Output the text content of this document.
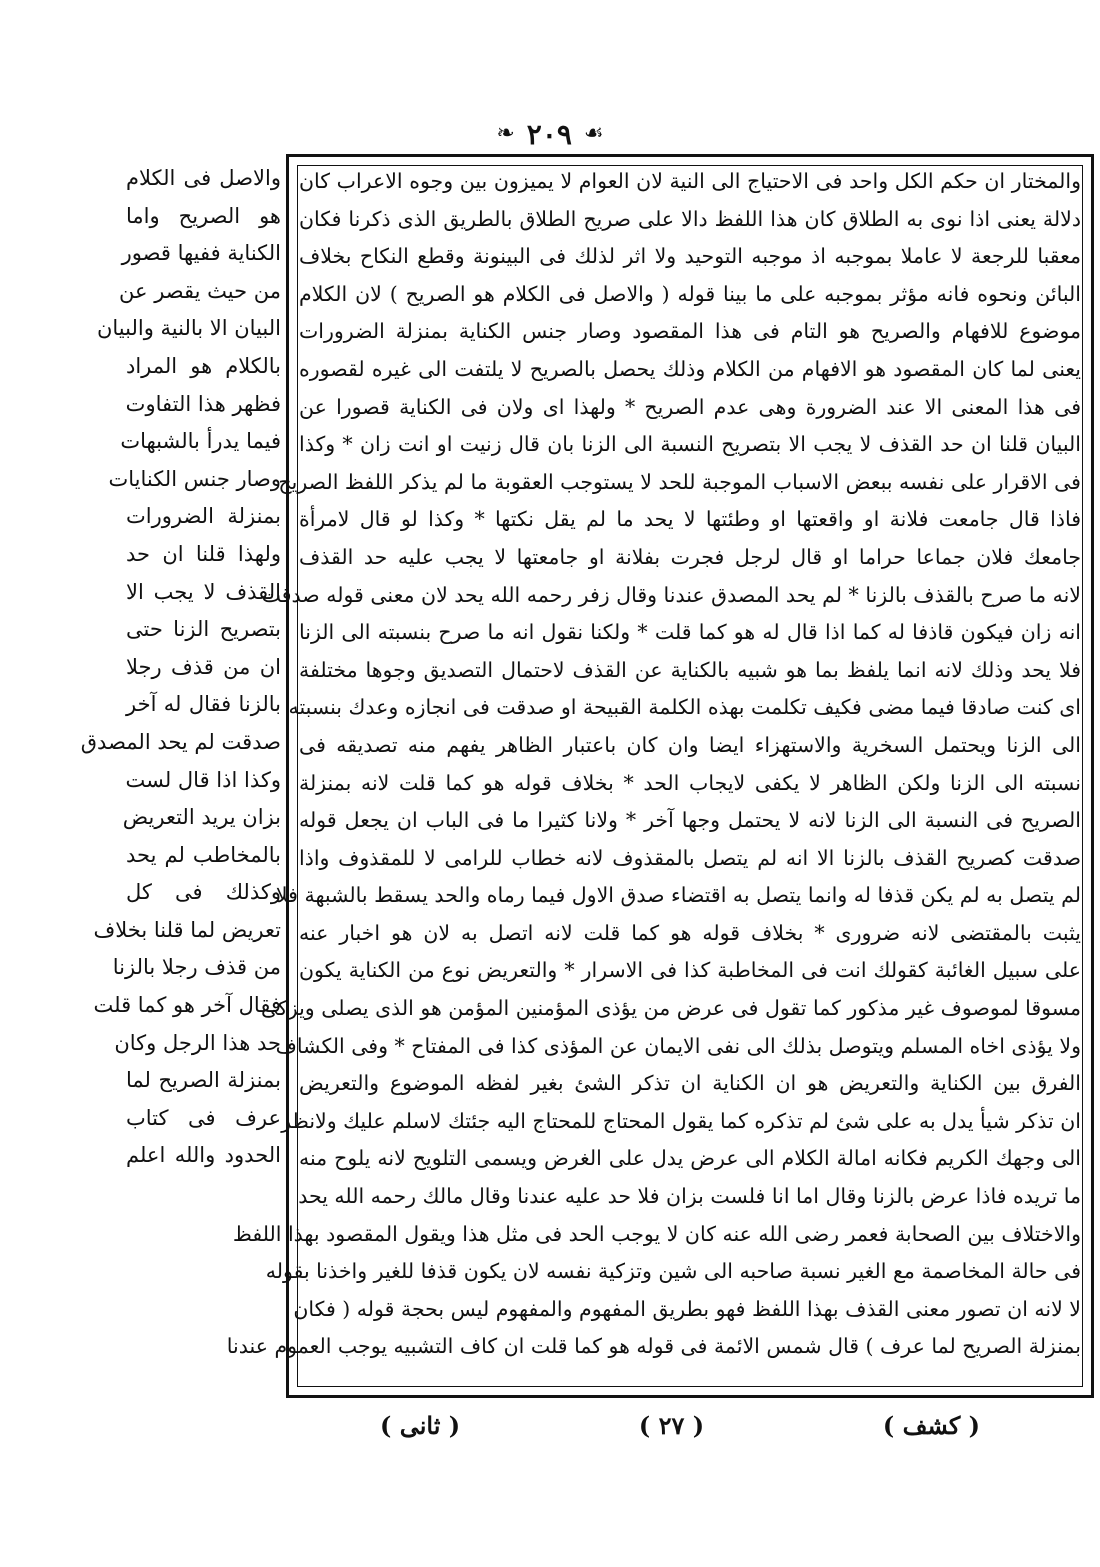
❧ ٢٠٩ ☙
والمختار ان حكم الكل واحد فى الاحتياج الى النية لان العوام لا يميزون بين وجوه الاعراب كان
دلالة يعنى اذا نوى به الطلاق كان هذا اللفظ دالا على صريح الطلاق بالطريق الذى ذكرنا فكان
معقبا للرجعة لا عاملا بموجبه اذ موجبه التوحيد ولا اثر لذلك فى البينونة وقطع النكاح بخلاف
البائن ونحوه فانه مؤثر بموجبه على ما بينا قوله ( والاصل فى الكلام هو الصريح ) لان الكلام
موضوع للافهام والصريح هو التام فى هذا المقصود وصار جنس الكناية بمنزلة الضرورات
يعنى لما كان المقصود هو الافهام من الكلام وذلك يحصل بالصريح لا يلتفت الى غيره لقصوره
فى هذا المعنى الا عند الضرورة وهى عدم الصريح * ولهذا اى ولان فى الكناية قصورا عن
البيان قلنا ان حد القذف لا يجب الا بتصريح النسبة الى الزنا بان قال زنيت او انت زان * وكذا
فى الاقرار على نفسه ببعض الاسباب الموجبة للحد لا يستوجب العقوبة ما لم يذكر اللفظ الصريح
فاذا قال جامعت فلانة او واقعتها او وطئتها لا يحد ما لم يقل نكتها * وكذا لو قال لامرأة
جامعك فلان جماعا حراما او قال لرجل فجرت بفلانة او جامعتها لا يجب عليه حد القذف
لانه ما صرح بالقذف بالزنا * لم يحد المصدق عندنا وقال زفر رحمه الله يحد لان معنى قوله صدقت
انه زان فيكون قاذفا له كما اذا قال له هو كما قلت * ولكنا نقول انه ما صرح بنسبته الى الزنا
فلا يحد وذلك لانه انما يلفظ بما هو شبيه بالكناية عن القذف لاحتمال التصديق وجوها مختلفة
اى كنت صادقا فيما مضى فكيف تكلمت بهذه الكلمة القبيحة او صدقت فى انجازه وعدك بنسبته
الى الزنا ويحتمل السخرية والاستهزاء ايضا وان كان باعتبار الظاهر يفهم منه تصديقه فى
نسبته الى الزنا ولكن الظاهر لا يكفى لايجاب الحد * بخلاف قوله هو كما قلت لانه بمنزلة
الصريح فى النسبة الى الزنا لانه لا يحتمل وجها آخر * ولانا كثيرا ما فى الباب ان يجعل قوله
صدقت كصريح القذف بالزنا الا انه لم يتصل بالمقذوف لانه خطاب للرامى لا للمقذوف واذا
لم يتصل به لم يكن قذفا له وانما يتصل به اقتضاء صدق الاول فيما رماه والحد يسقط بالشبهة فلا
يثبت بالمقتضى لانه ضرورى * بخلاف قوله هو كما قلت لانه اتصل به لان هو اخبار عنه
على سبيل الغائبة كقولك انت فى المخاطبة كذا فى الاسرار * والتعريض نوع من الكناية يكون
مسوقا لموصوف غير مذكور كما تقول فى عرض من يؤذى المؤمنين المؤمن هو الذى يصلى ويزكى
ولا يؤذى اخاه المسلم ويتوصل بذلك الى نفى الايمان عن المؤذى كذا فى المفتاح * وفى الكشاف
الفرق بين الكناية والتعريض هو ان الكناية ان تذكر الشئ بغير لفظه الموضوع والتعريض
ان تذكر شيأ يدل به على شئ لم تذكره كما يقول المحتاج للمحتاج اليه جئتك لاسلم عليك ولانظر
الى وجهك الكريم فكانه امالة الكلام الى عرض يدل على الغرض ويسمى التلويح لانه يلوح منه
ما تريده فاذا عرض بالزنا وقال اما انا فلست بزان فلا حد عليه عندنا وقال مالك رحمه الله يحد
والاختلاف بين الصحابة فعمر رضى الله عنه كان لا يوجب الحد فى مثل هذا ويقول المقصود بهذا اللفظ
فى حالة المخاصمة مع الغير نسبة صاحبه الى شين وتزكية نفسه لان يكون قذفا للغير واخذنا بقوله
لا لانه ان تصور معنى القذف بهذا اللفظ فهو بطريق المفهوم والمفهوم ليس بحجة قوله ( فكان
بمنزلة الصريح لما عرف ) قال شمس الائمة فى قوله هو كما قلت ان كاف التشبيه يوجب العموم عندنا
والاصل فى الكلام
هو الصريح واما
الكناية ففيها قصور
من حيث يقصر عن
البيان الا بالنية والبيان
بالكلام هو المراد
فظهر هذا التفاوت
فيما يدرأ بالشبهات
وصار جنس الكنايات
بمنزلة الضرورات
ولهذا قلنا ان حد
القذف لا يجب الا
بتصريح الزنا حتى
ان من قذف رجلا
بالزنا فقال له آخر
صدقت لم يحد المصدق
وكذا اذا قال لست
بزان يريد التعريض
بالمخاطب لم يحد
وكذلك فى كل
تعريض لما قلنا بخلاف
من قذف رجلا بالزنا
فقال آخر هو كما قلت
حد هذا الرجل وكان
بمنزلة الصريح لما
عرف فى كتاب
الحدود والله اعلم
( كشف )
( ٢٧ )
( ثانى )
